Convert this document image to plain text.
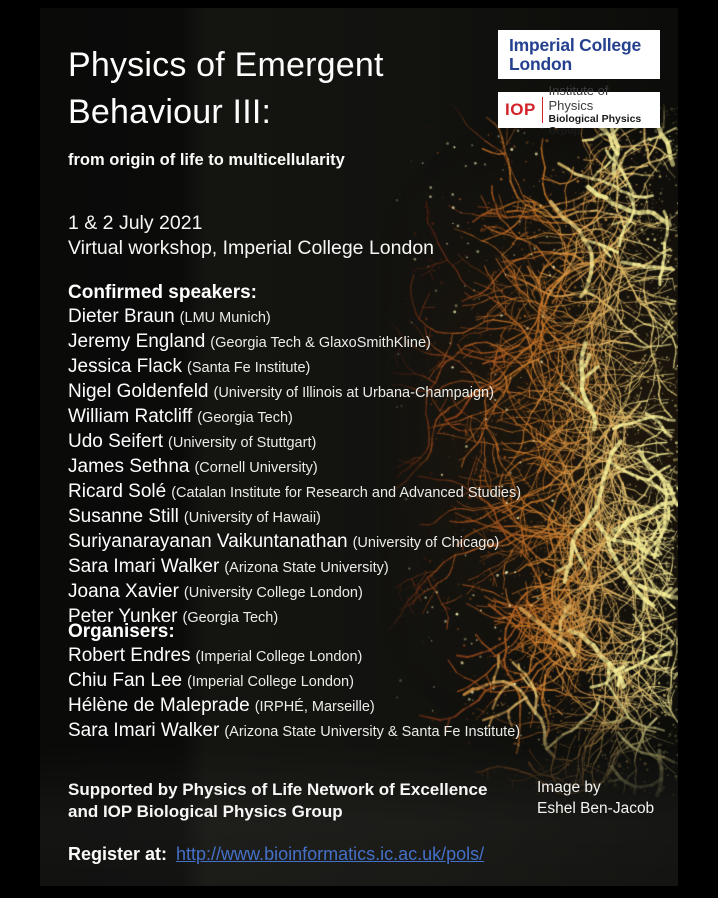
Imperial College
London
IOP
Institute of Physics
Biological Physics Group
Physics of Emergent
Behaviour III:
from origin of life to multicellularity
1 & 2 July 2021
Virtual workshop, Imperial College London
Confirmed speakers:
Dieter Braun (LMU Munich)
Jeremy England (Georgia Tech & GlaxoSmithKline)
Jessica Flack (Santa Fe Institute)
Nigel Goldenfeld (University of Illinois at Urbana-Champaign)
William Ratcliff (Georgia Tech)
Udo Seifert (University of Stuttgart)
James Sethna (Cornell University)
Ricard Solé (Catalan Institute for Research and Advanced Studies)
Susanne Still (University of Hawaii)
Suriyanarayanan Vaikuntanathan (University of Chicago)
Sara Imari Walker (Arizona State University)
Joana Xavier (University College London)
Peter Yunker (Georgia Tech)
Organisers:
Robert Endres (Imperial College London)
Chiu Fan Lee (Imperial College London)
Hélène de Maleprade (IRPHÉ, Marseille)
Sara Imari Walker (Arizona State University & Santa Fe Institute)
Supported by Physics of Life Network of Excellence
and IOP Biological Physics Group
Image by
Eshel Ben-Jacob
Register at: http://www.bioinformatics.ic.ac.uk/pols/
